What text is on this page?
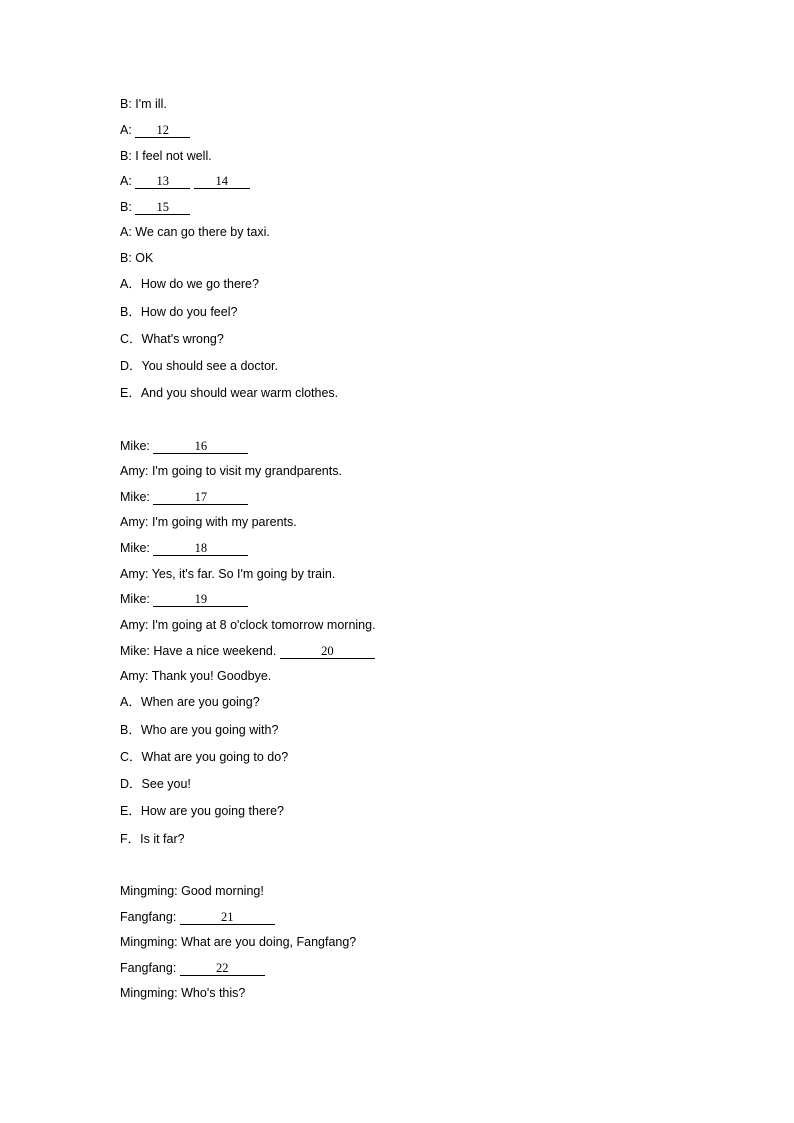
B: I'm ill.
A: 12
B: I feel not well.
A: 13	14
B: 15
A: We can go there by taxi.
B: OK
A．How do we go there?
B．How do you feel?
C．What's wrong?
D．You should see a doctor.
E．And you should wear warm clothes.
Mike:	16
Amy: I'm going to visit my grandparents.
Mike:	17
Amy: I'm going with my parents.
Mike:	18
Amy: Yes, it's far. So I'm going by train.
Mike:	19
Amy: I'm going at 8 o'clock tomorrow morning.
Mike: Have a nice weekend.	20
Amy: Thank you! Goodbye.
A．When are you going?
B．Who are you going with?
C．What are you going to do?
D．See you!
E．How are you going there?
F．Is it far?
Mingming: Good morning!
Fangfang:	21
Mingming: What are you doing, Fangfang?
Fangfang:	22
Mingming: Who's this?
